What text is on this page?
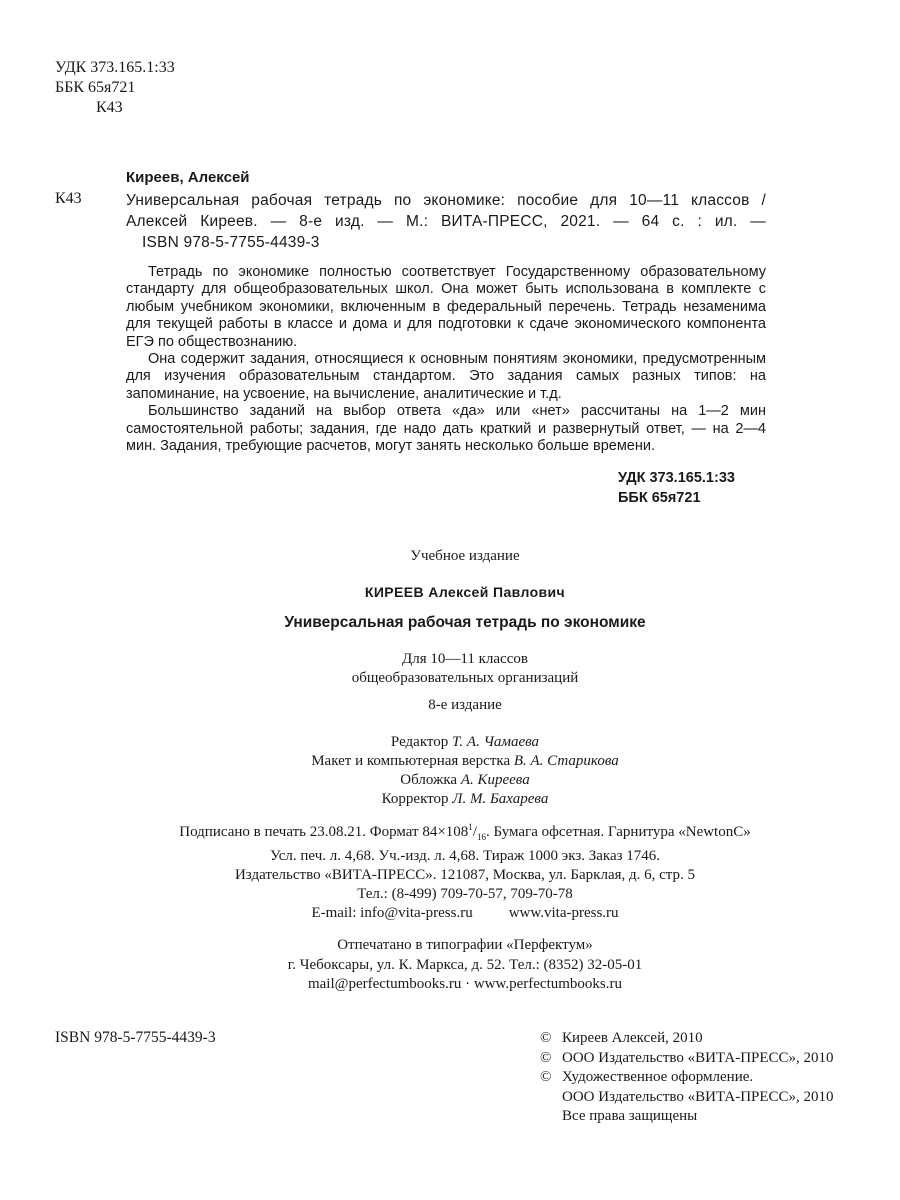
УДК 373.165.1:33
ББК 65я721
К43
Киреев, Алексей
К43	Универсальная рабочая тетрадь по экономике: пособие для 10—11 классов /
Алексей Киреев. — 8-е изд. — М.: ВИТА-ПРЕСС, 2021. — 64 с. : ил. —
ISBN 978-5-7755-4439-3

Тетрадь по экономике полностью соответствует Государственному образовательному стандарту для общеобразовательных школ. Она может быть использована в комплекте с любым учебником экономики, включенным в федеральный перечень. Тетрадь незаменима для текущей работы в классе и дома и для подготовки к сдаче экономического компонента ЕГЭ по обществознанию.

Она содержит задания, относящиеся к основным понятиям экономики, предусмотренным для изучения образовательным стандартом. Это задания самых разных типов: на запоминание, на усвоение, на вычисление, аналитические и т.д.

Большинство заданий на выбор ответа «да» или «нет» рассчитаны на 1—2 мин самостоятельной работы; задания, где надо дать краткий и развернутый ответ, — на 2—4 мин. Задания, требующие расчетов, могут занять несколько больше времени.

УДК 373.165.1:33
ББК 65я721
Учебное издание
КИРЕЕВ Алексей Павлович
Универсальная рабочая тетрадь по экономике
Для 10—11 классов
общеобразовательных организаций
8-е издание
Редактор Т. А. Чамаева
Макет и компьютерная верстка В. А. Старикова
Обложка А. Киреева
Корректор Л. М. Бахарева
Подписано в печать 23.08.21. Формат $84\times 108^1/_{16}$. Бумага офсетная. Гарнитура «NewtonC»
Усл. печ. л. 4,68. Уч.-изд. л. 4,68. Тираж 1000 экз. Заказ 1746.
Издательство «ВИТА-ПРЕСС». 121087, Москва, ул. Барклая, д. 6, стр. 5
Тел.: (8-499) 709-70-57, 709-70-78
E-mail: info@vita-press.ru www.vita-press.ru
Отпечатано в типографии «Перфектум»
г. Чебоксары, ул. К. Маркса, д. 52. Тел.: (8352) 32-05-01
mail@perfectumbooks.ru · www.perfectumbooks.ru
ISBN 978-5-7755-4439-3	© Киреев Алексей, 2010
© ООО Издательство «ВИТА-ПРЕСС», 2010
© Художественное оформление.
ООО Издательство «ВИТА-ПРЕСС», 2010
Все права защищены
